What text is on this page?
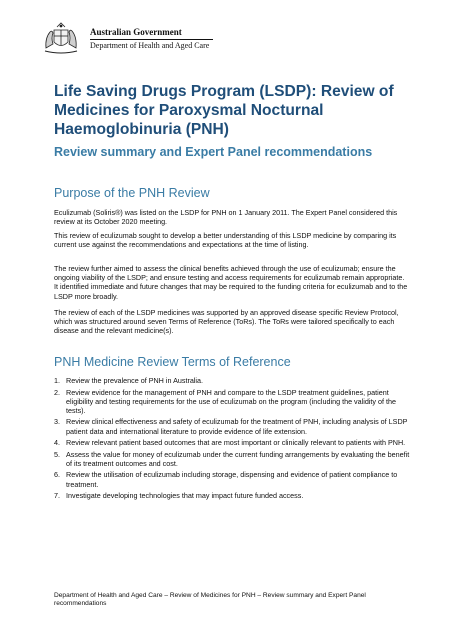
Australian Government
Department of Health and Aged Care
Life Saving Drugs Program (LSDP): Review of Medicines for Paroxysmal Nocturnal Haemoglobinuria (PNH)
Review summary and Expert Panel recommendations
Purpose of the PNH Review

Eculizumab (Soliris®) was listed on the LSDP for PNH on 1 January 2011. The Expert Panel considered this review at its October 2020 meeting.

This review of eculizumab sought to develop a better understanding of this LSDP medicine by comparing its current use against the recommendations and expectations at the time of listing.

The review further aimed to assess the clinical benefits achieved through the use of eculizumab; ensure the ongoing viability of the LSDP; and ensure testing and access requirements for eculizumab remain appropriate. It identified immediate and future changes that may be required to the funding criteria for eculizumab and to the LSDP more broadly.

The review of each of the LSDP medicines was supported by an approved disease specific Review Protocol, which was structured around seven Terms of Reference (ToRs). The ToRs were tailored specifically to each disease and the relevant medicine(s).

PNH Medicine Review Terms of Reference
1. Review the prevalence of PNH in Australia.
2. Review evidence for the management of PNH and compare to the LSDP treatment guidelines, patient eligibility and testing requirements for the use of eculizumab on the program (including the validity of the tests).
3. Review clinical effectiveness and safety of eculizumab for the treatment of PNH, including analysis of LSDP patient data and international literature to provide evidence of life extension.
4. Review relevant patient based outcomes that are most important or clinically relevant to patients with PNH.
5. Assess the value for money of eculizumab under the current funding arrangements by evaluating the benefit of its treatment outcomes and cost.
6. Review the utilisation of eculizumab including storage, dispensing and evidence of patient compliance to treatment.
7. Investigate developing technologies that may impact future funded access.
Department of Health and Aged Care – Review of Medicines for PNH – Review summary and Expert Panel recommendations
